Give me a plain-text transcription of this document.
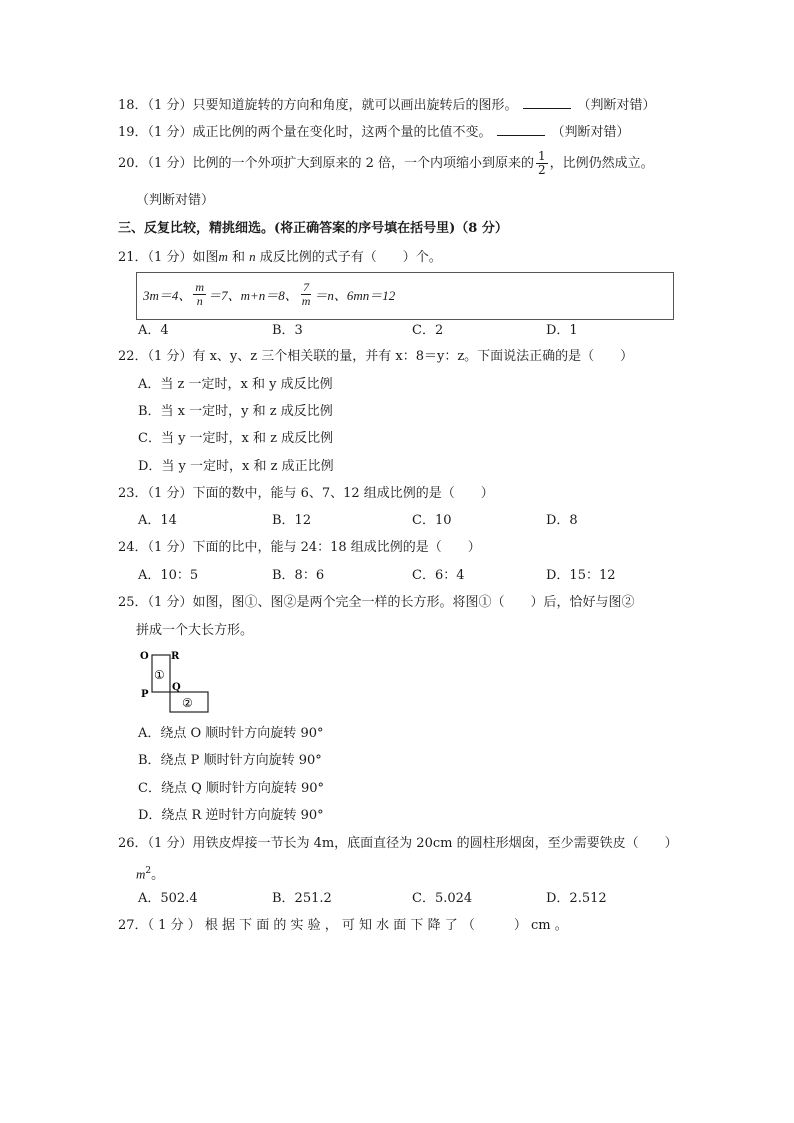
18．（1 分）只要知道旋转的方向和角度，就可以画出旋转后的图形。	（判断对错）
19．（1 分）成正比例的两个量在变化时，这两个量的比值不变。	（判断对错）
20．（1 分）比例的一个外项扩大到原来的 2 倍，一个内项缩小到原来的 $\frac{1}{2}$ ，比例仍然成立。
（判断对错）
三、反复比较，精挑细选。(将正确答案的序号填在括号里)（8 分）
21．（1 分）如图m 和 n 成反比例的式子有（　　）个。
3m＝4、 $\frac{m}{n} =7$、m+n＝8、 $\frac{7}{m} =n$、6mn＝12
A．4	B．3	C．2	D．1
22．（1 分）有 x、y、z 三个相关联的量，并有 x：8＝y：z。下面说法正确的是（　　）
A．当 z 一定时，x 和 y 成反比例
B．当 x 一定时，y 和 z 成反比例
C．当 y 一定时，x 和 z 成反比例
D．当 y 一定时，x 和 z 成正比例
23．（1 分）下面的数中，能与 6、7、12 组成比例的是（　　）
A．14	B．12	C．10	D．8
24．（1 分）下面的比中，能与 24：18 组成比例的是（　　）
A．10：5	B．8：6	C．6：4	D．15：12
25．（1 分）如图，图①、图②是两个完全一样的长方形。将图①（　　）后，恰好与图②
拼成一个大长方形。
O R
P
Q
①
②
A．绕点 O 顺时针方向旋转 90°
B．绕点 P 顺时针方向旋转 90°
C．绕点 Q 顺时针方向旋转 90°
D．绕点 R 逆时针方向旋转 90°
26．（1 分）用铁皮焊接一节长为 4m，底面直径为 20cm 的圆柱形烟囱，至少需要铁皮（　　）
$m^2$。
A．502.4	B．251.2	C．5.024	D．2.512
27．（ 1 分 ） 根 据 下 面 的 实 验 ， 可 知 水 面 下 降 了 （　　　） cm 。
